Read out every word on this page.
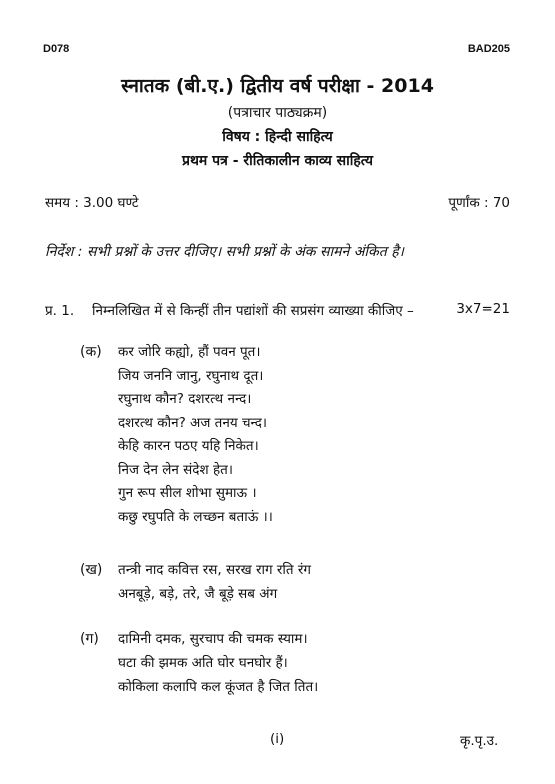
D078	BAD205
स्नातक (बी.ए.) द्वितीय वर्ष परीक्षा - 2014
(पत्राचार पाठ्यक्रम)
विषय : हिन्दी साहित्य
प्रथम पत्र - रीतिकालीन काव्य साहित्य
समय : 3.00 घण्टे	पूर्णांक : 70
निर्देश : सभी प्रश्नों के उत्तर दीजिए। सभी प्रश्नों के अंक सामने अंकित है।
प्र. 1. निम्नलिखित में से किन्हीं तीन पद्यांशों की सप्रसंग व्याख्या कीजिए –	3x7=21
(क) कर जोरि कह्यो, हौं पवन पूत।
जिय जननि जानु, रघुनाथ दूत।
रघुनाथ कौन? दशरत्थ नन्द।
दशरत्थ कौन? अज तनय चन्द।
केहि कारन पठए यहि निकेत।
निज देन लेन संदेश हेत।
गुन रूप सील शोभा सुमाऊ ।
कछु रघुपति के लच्छन बताऊं ।।
(ख) तन्त्री नाद कवित्त रस, सरख राग रति रंग
अनबूड़े, बड़े, तरे, जै बूड़े सब अंग
(ग) दामिनी दमक, सुरचाप की चमक स्याम।
घटा की झमक अति घोर घनघोर हैं।
कोकिला कलापि कल कूंजत है जित तित।
(i)	कृ.पृ.उ.
